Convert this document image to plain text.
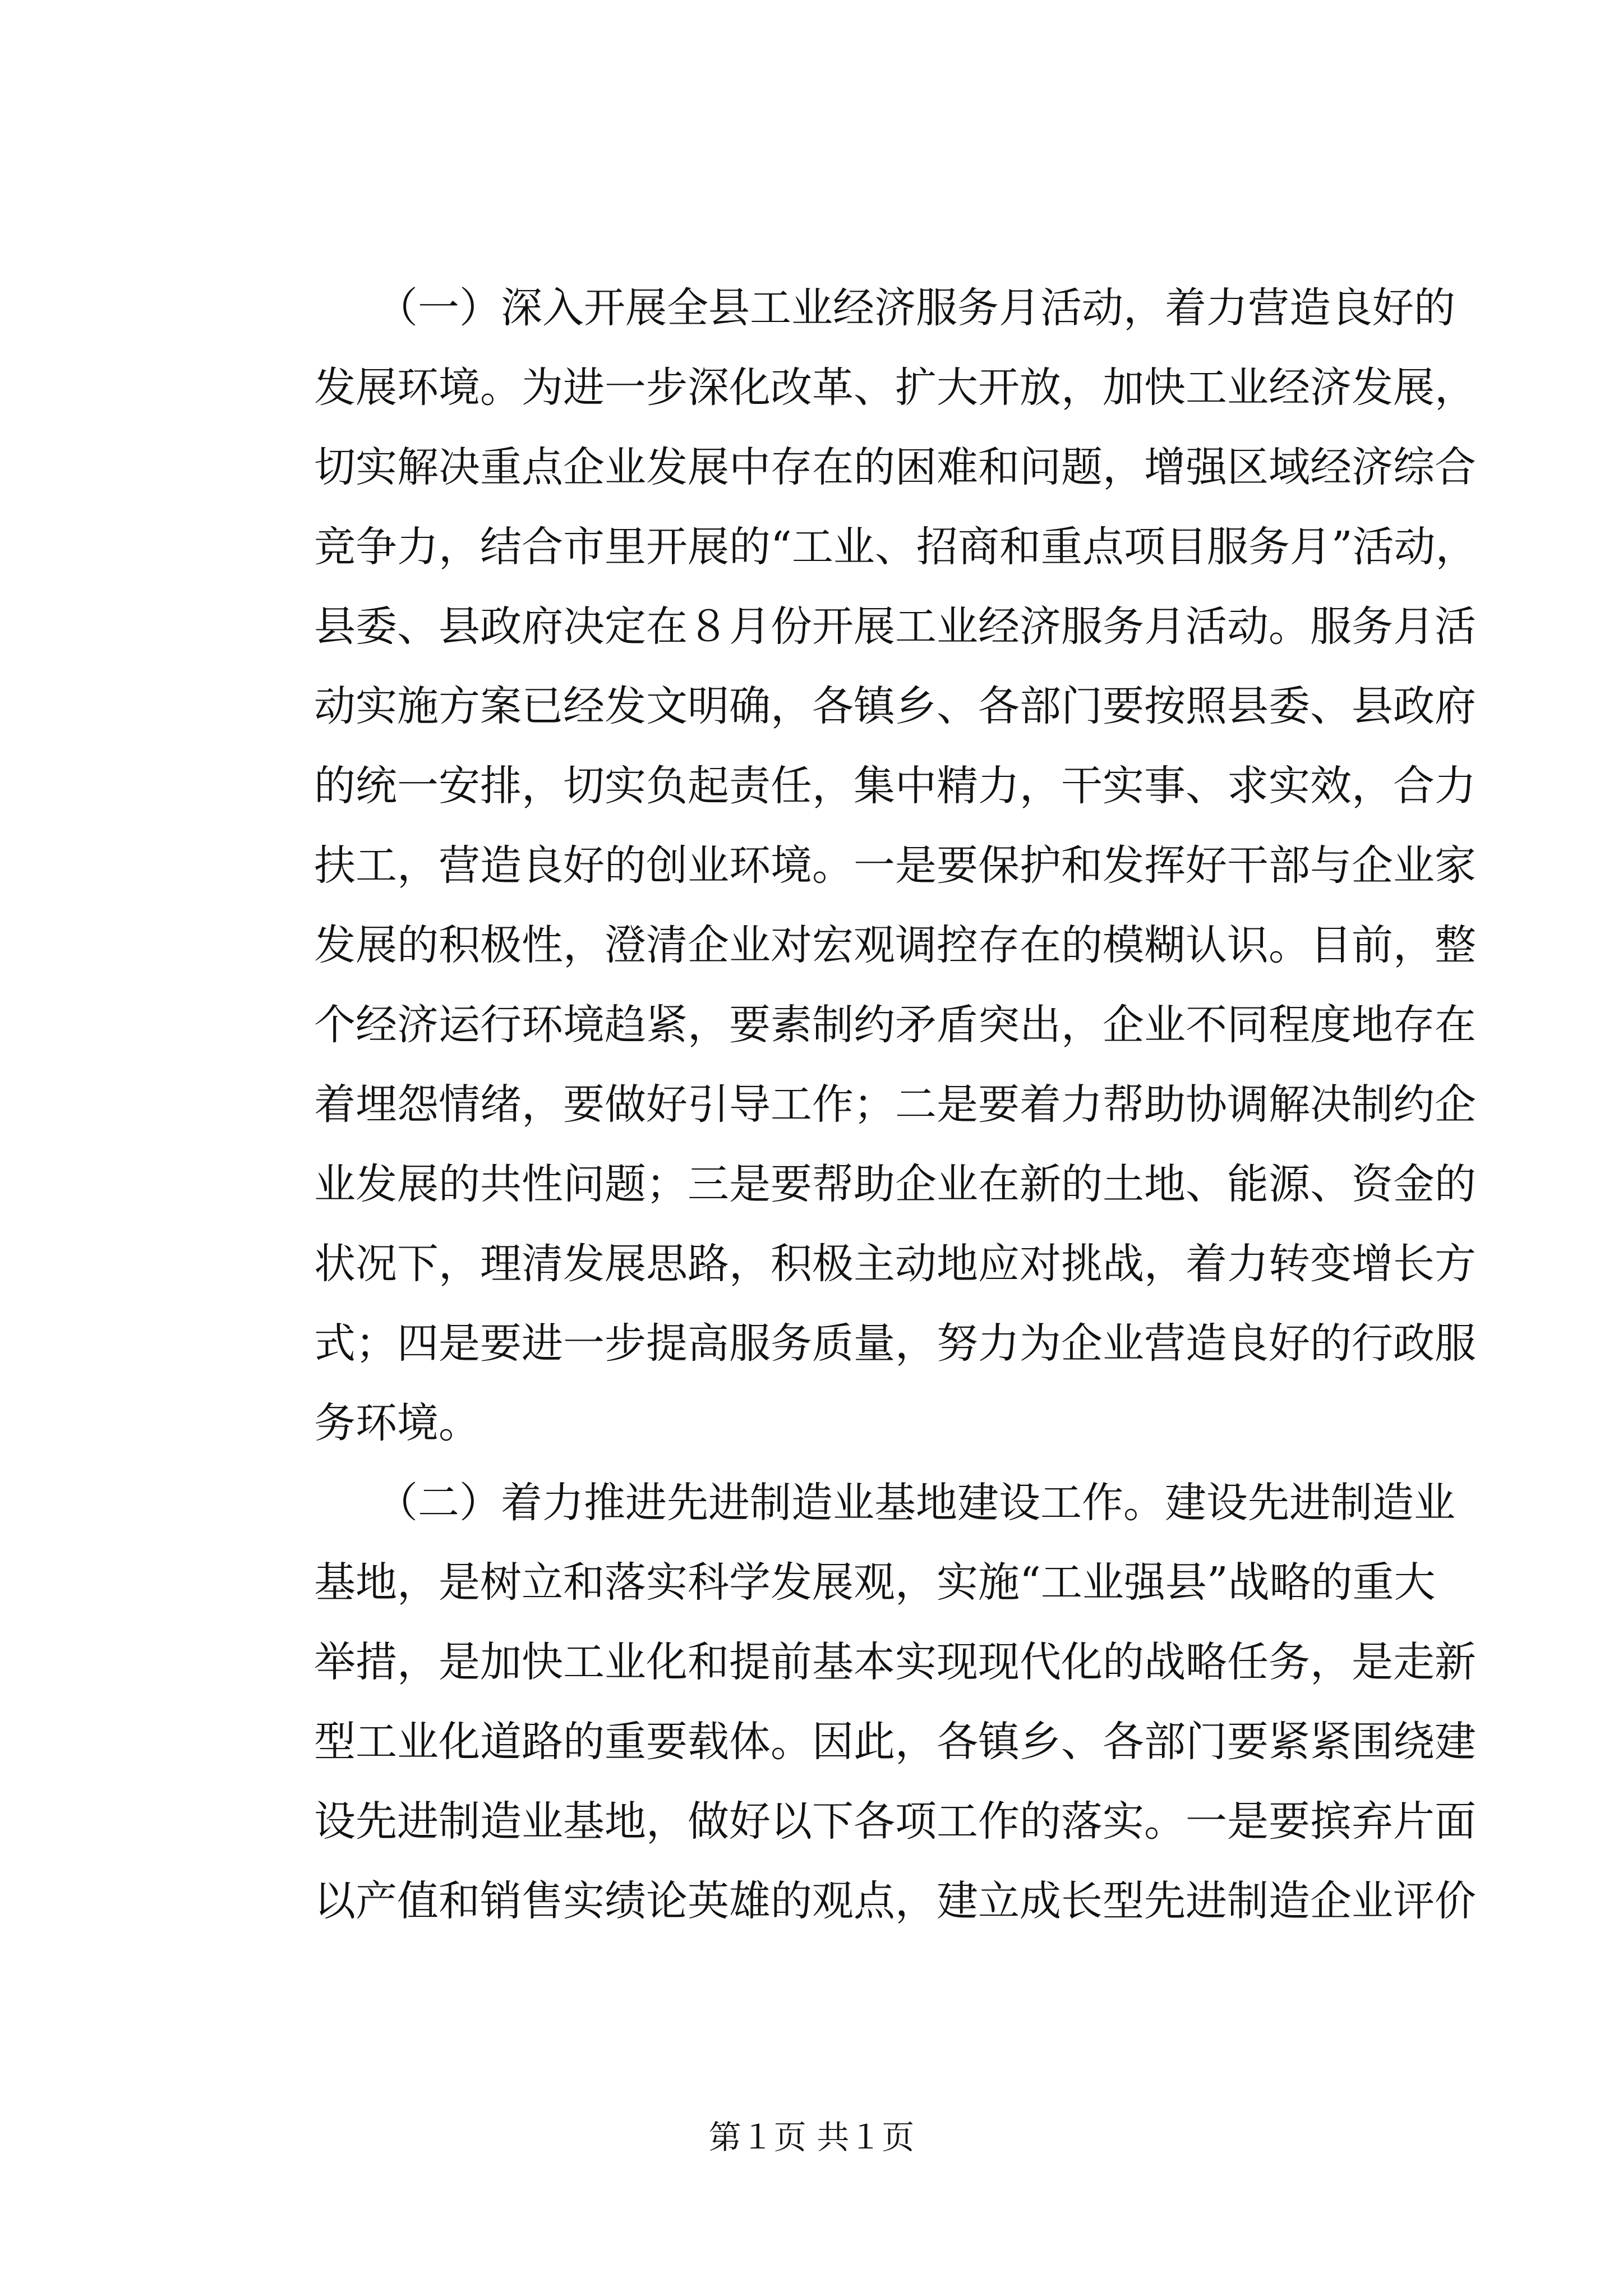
　　（一）深入开展全县工业经济服务月活动，着力营造良好的
发展环境。为进一步深化改革、扩大开放，加快工业经济发展，
切实解决重点企业发展中存在的困难和问题，增强区域经济综合
竞争力，结合市里开展的“工业、招商和重点项目服务月”活动，
县委、县政府决定在８月份开展工业经济服务月活动。服务月活
动实施方案已经发文明确，各镇乡、各部门要按照县委、县政府
的统一安排，切实负起责任，集中精力，干实事、求实效，合力
扶工，营造良好的创业环境。一是要保护和发挥好干部与企业家
发展的积极性，澄清企业对宏观调控存在的模糊认识。目前，整
个经济运行环境趋紧，要素制约矛盾突出，企业不同程度地存在
着埋怨情绪，要做好引导工作；二是要着力帮助协调解决制约企
业发展的共性问题；三是要帮助企业在新的土地、能源、资金的
状况下，理清发展思路，积极主动地应对挑战，着力转变增长方
式；四是要进一步提高服务质量，努力为企业营造良好的行政服
务环境。
　　（二）着力推进先进制造业基地建设工作。建设先进制造业
基地，是树立和落实科学发展观，实施“工业强县”战略的重大
举措，是加快工业化和提前基本实现现代化的战略任务，是走新
型工业化道路的重要载体。因此，各镇乡、各部门要紧紧围绕建
设先进制造业基地，做好以下各项工作的落实。一是要摈弃片面
以产值和销售实绩论英雄的观点，建立成长型先进制造企业评价
第１页 共１页
